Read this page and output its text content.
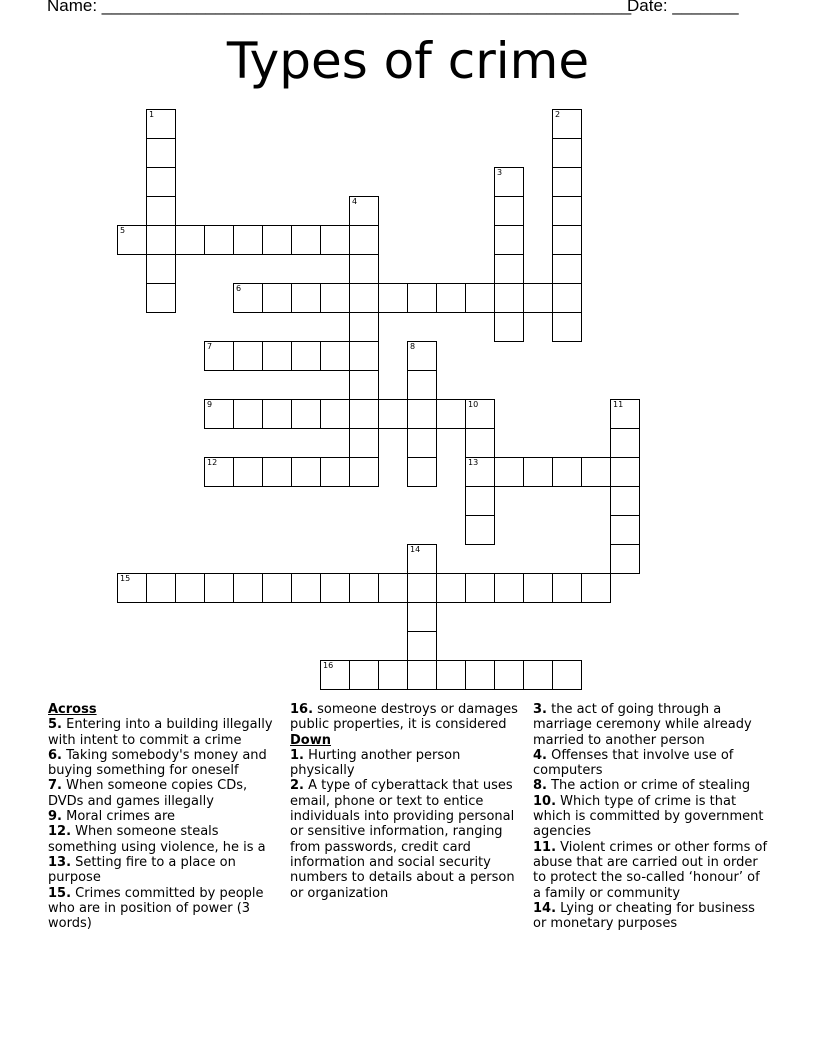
Name: ________________________________________________________
Date: _______
Types of crime
1	2
3
4
5
6
7	8
9	10
13
11
12
14
15
16

Across

5. Entering into a building illegally with intent to commit a crime

6. Taking somebody's money and buying something for oneself

7. When someone copies CDs, DVDs and games illegally

9. Moral crimes are

12. When someone steals something using violence, he is a

13. Setting fire to a place on purpose

15. Crimes committed by people who are in position of power (3 words)

16. someone destroys or damages public properties, it is considered

Down

1. Hurting another person physically

2. A type of cyberattack that uses email, phone or text to entice individuals into providing personal or sensitive information, ranging from passwords, credit card information and social security numbers to details about a person or organization

3. the act of going through a marriage ceremony while already married to another person

4. Offenses that involve use of computers

8. The action or crime of stealing

10. Which type of crime is that which is committed by government agencies

11. Violent crimes or other forms of abuse that are carried out in order to protect the so-called ‘honour’ of a family or community

14. Lying or cheating for business or monetary purposes
